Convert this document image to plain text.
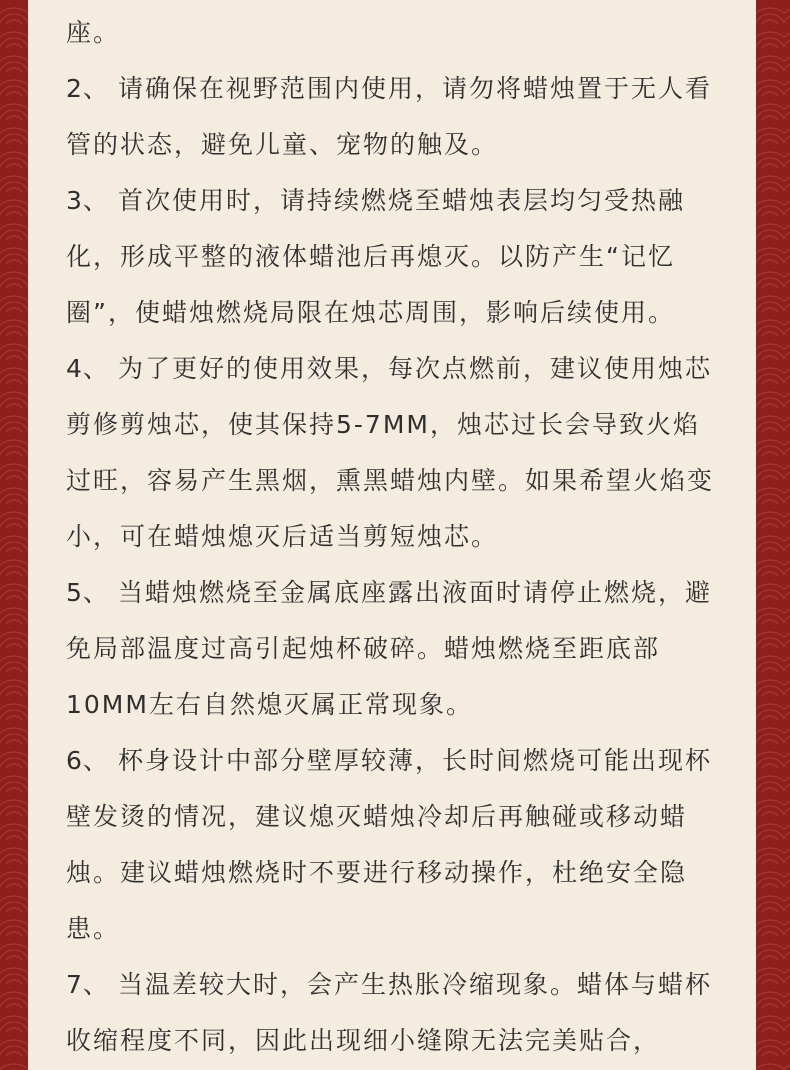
座。

2、 请确保在视野范围内使用，请勿将蜡烛置于无人看管的状态，避免儿童、宠物的触及。

3、 首次使用时，请持续燃烧至蜡烛表层均匀受热融化，形成平整的液体蜡池后再熄灭。以防产生“记忆圈”，使蜡烛燃烧局限在烛芯周围，影响后续使用。

4、 为了更好的使用效果，每次点燃前，建议使用烛芯剪修剪烛芯，使其保持5-7MM，烛芯过长会导致火焰过旺，容易产生黑烟，熏黑蜡烛内壁。如果希望火焰变小，可在蜡烛熄灭后适当剪短烛芯。

5、 当蜡烛燃烧至金属底座露出液面时请停止燃烧，避免局部温度过高引起烛杯破碎。蜡烛燃烧至距底部10MM左右自然熄灭属正常现象。

6、 杯身设计中部分壁厚较薄，长时间燃烧可能出现杯壁发烫的情况，建议熄灭蜡烛冷却后再触碰或移动蜡烛。建议蜡烛燃烧时不要进行移动操作，杜绝安全隐患。

7、 当温差较大时，会产生热胀冷缩现象。蜡体与蜡杯收缩程度不同，因此出现细小缝隙无法完美贴合，
